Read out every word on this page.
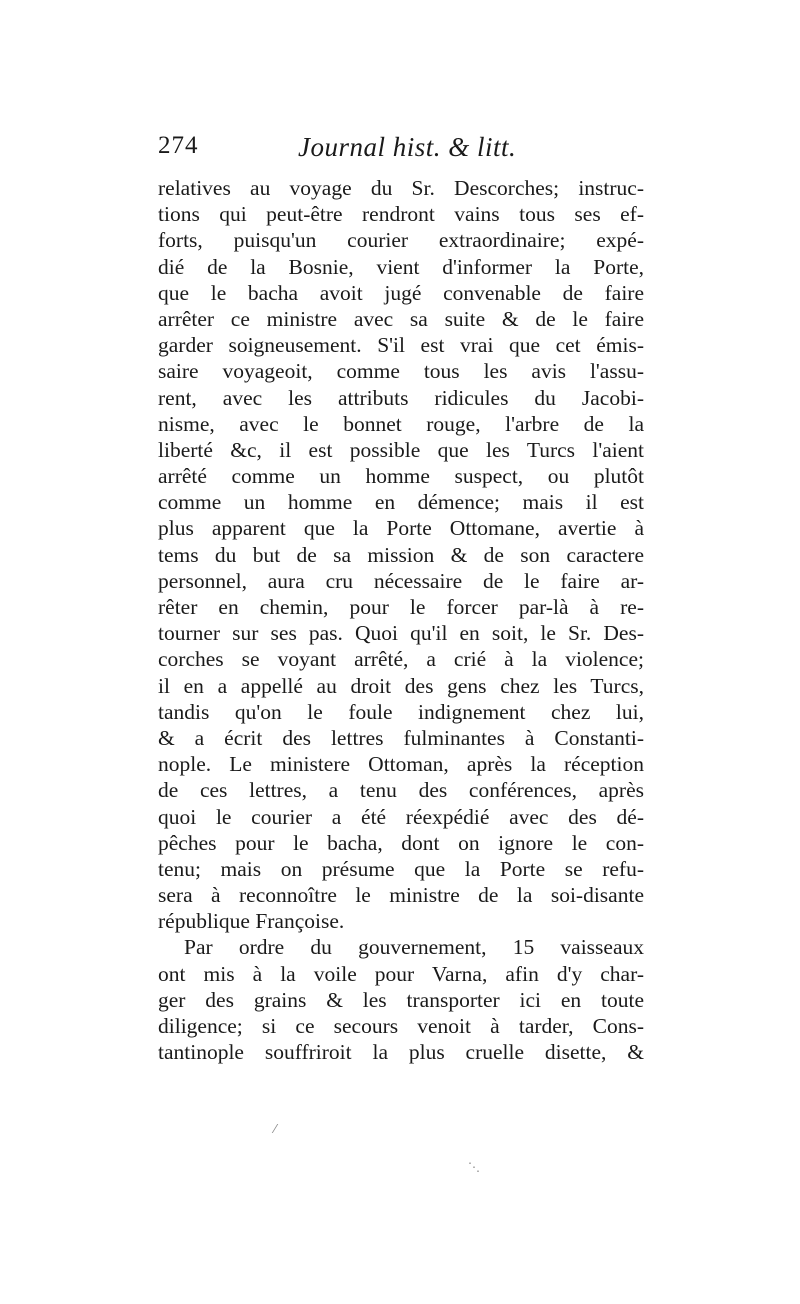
274	Journal hist. & litt.
relatives au voyage du Sr. Descorches; instruc-
tions qui peut-être rendront vains tous ses ef-
forts, puisqu'un courier extraordinaire; expé-
dié de la Bosnie, vient d'informer la Porte,
que le bacha avoit jugé convenable de faire
arrêter ce ministre avec sa suite & de le faire
garder soigneusement. S'il est vrai que cet émis-
saire voyageoit, comme tous les avis l'assu-
rent, avec les attributs ridicules du Jacobi-
nisme, avec le bonnet rouge, l'arbre de la
liberté &c, il est possible que les Turcs l'aient
arrêté comme un homme suspect, ou plutôt
comme un homme en démence; mais il est
plus apparent que la Porte Ottomane, avertie à
tems du but de sa mission & de son caractere
personnel, aura cru nécessaire de le faire ar-
rêter en chemin, pour le forcer par-là à re-
tourner sur ses pas. Quoi qu'il en soit, le Sr. Des-
corches se voyant arrêté, a crié à la violence;
il en a appellé au droit des gens chez les Turcs,
tandis qu'on le foule indignement chez lui,
& a écrit des lettres fulminantes à Constanti-
nople. Le ministere Ottoman, après la réception
de ces lettres, a tenu des conférences, après
quoi le courier a été réexpédié avec des dé-
pêches pour le bacha, dont on ignore le con-
tenu; mais on présume que la Porte se refu-
sera à reconnoître le ministre de la soi-disante
république Françoise.
Par ordre du gouvernement, 15 vaisseaux
ont mis à la voile pour Varna, afin d'y char-
ger des grains & les transporter ici en toute
diligence; si ce secours venoit à tarder, Cons-
tantinople souffriroit la plus cruelle disette, &
⁄
⋱
